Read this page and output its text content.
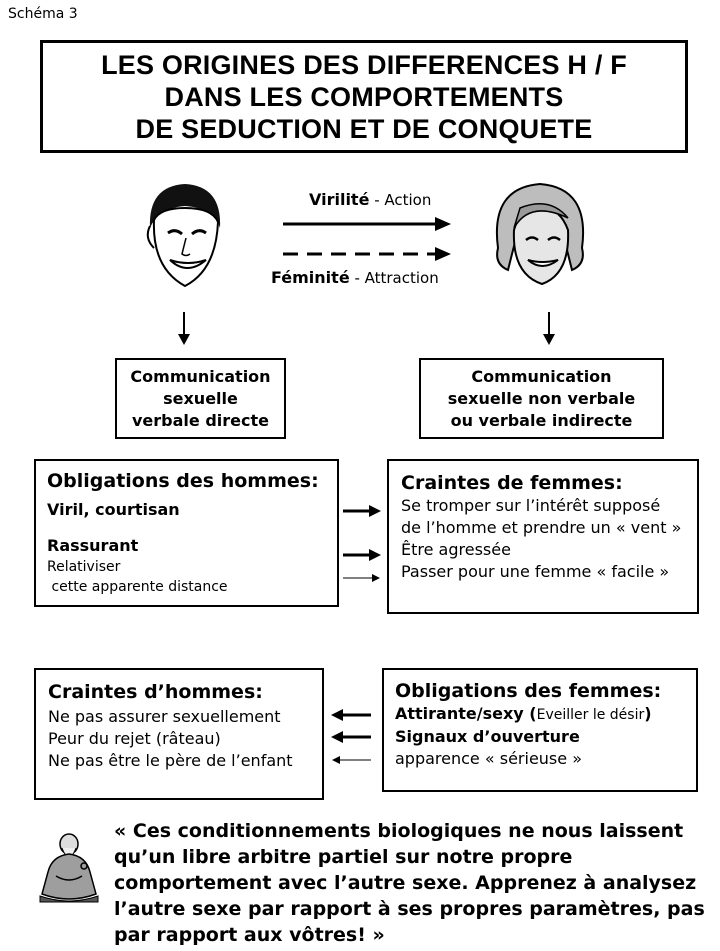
Schéma 3
LES ORIGINES DES DIFFERENCES H / F
DANS LES COMPORTEMENTS
DE SEDUCTION ET DE CONQUETE
Virilité - Action
Féminité - Attraction
Communication
sexuelle
verbale directe
Communication
sexuelle non verbale
ou verbale indirecte
Obligations des hommes:
Viril, courtisan
Rassurant
Relativiser
cette apparente distance
Craintes de femmes:
Se tromper sur l’intérêt supposé
de l’homme et prendre un « vent »
Être agressée
Passer pour une femme « facile »
Craintes d’hommes:
Ne pas assurer sexuellement
Peur du rejet (râteau)
Ne pas être le père de l’enfant
Obligations des femmes:
Attirante/sexy (Eveiller le désir)
Signaux d’ouverture
apparence « sérieuse »
« Ces conditionnements biologiques ne nous laissent
qu’un libre arbitre partiel sur notre propre
comportement avec l’autre sexe. Apprenez à analysez
l’autre sexe par rapport à ses propres paramètres, pas
par rapport aux vôtres! »
